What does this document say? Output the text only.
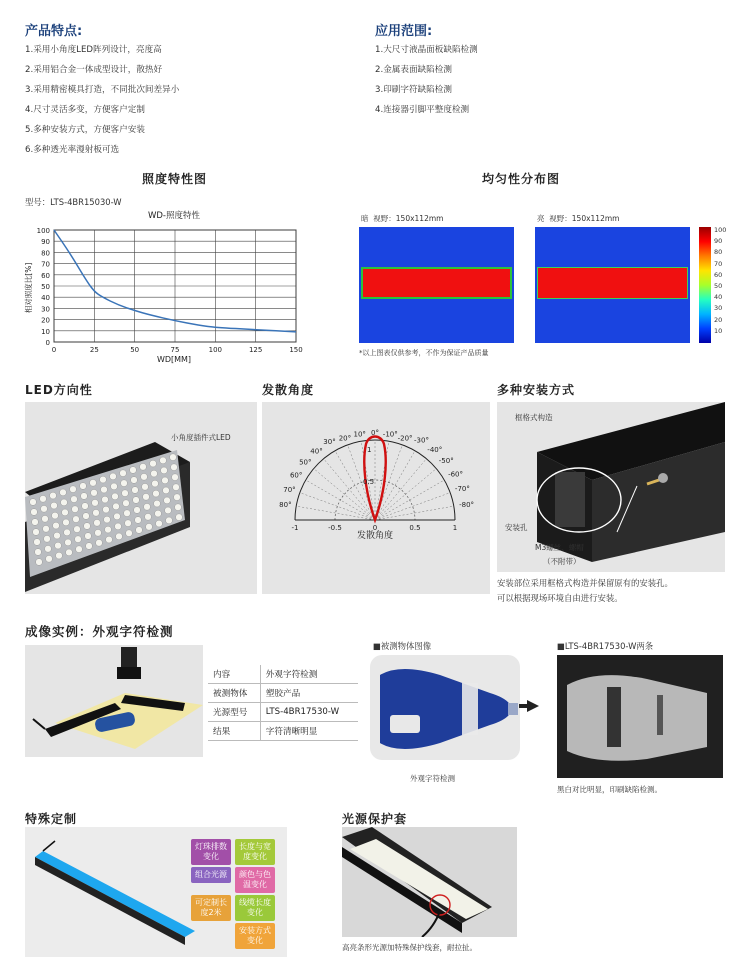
产品特点:
1.采用小角度LED阵列设计，亮度高
2.采用铝合金一体成型设计，散热好
3.采用精密模具打造，不同批次间差异小
4.尺寸灵活多变，方便客户定制
5.多种安装方式，方便客户安装
6.多种透光率漫射板可选
应用范围:
1.大尺寸液晶面板缺陷检测
2.金属表面缺陷检测
3.印刷字符缺陷检测
4.连接器引脚平整度检测
照度特性图
型号：LTS-4BR15030-W
WD-照度特性
0
10
20
30
40
50
60
70
80
90
100
0	25	50	75	100	125	150
WD[MM]
相对照度比[%]
均匀性分布图
暗 视野：150x112mm	亮 视野：150x112mm
100
90
80
70
60
50
40
30
20
10
*以上图表仅供参考，不作为保证产品质量
LED方向性
小角度插件式LED
发散角度
20° 10° 0° -10° -20°
30°
40°
50°
60°
70°
80°
-30°
-40°
-50°
-60°
-70°
-80°
1
0.5
-1	-0.5	0	0.5	1
发散角度
多种安装方式
框格式构造
安装孔
M3螺丝、螺帽
（不附带）
安装部位采用框格式构造并保留原有的安装孔。
可以根据现场环境自由进行安装。
成像实例：外观字符检测
内容	外观字符检测
被测物体	塑胶产品
光源型号	LTS-4BR17530-W
结果	字符清晰明显
■被测物体图像
外观字符检测
■LTS-4BR17530-W两条
黑白对比明显，印刷缺陷检测。
特殊定制
灯珠排数变化
长度与宽度变化
组合光源	颜色与色温变化
可定制长度2米
线缆长度变化
安装方式变化
光源保护套
高亮条形光源加特殊保护线套，耐拉扯。
